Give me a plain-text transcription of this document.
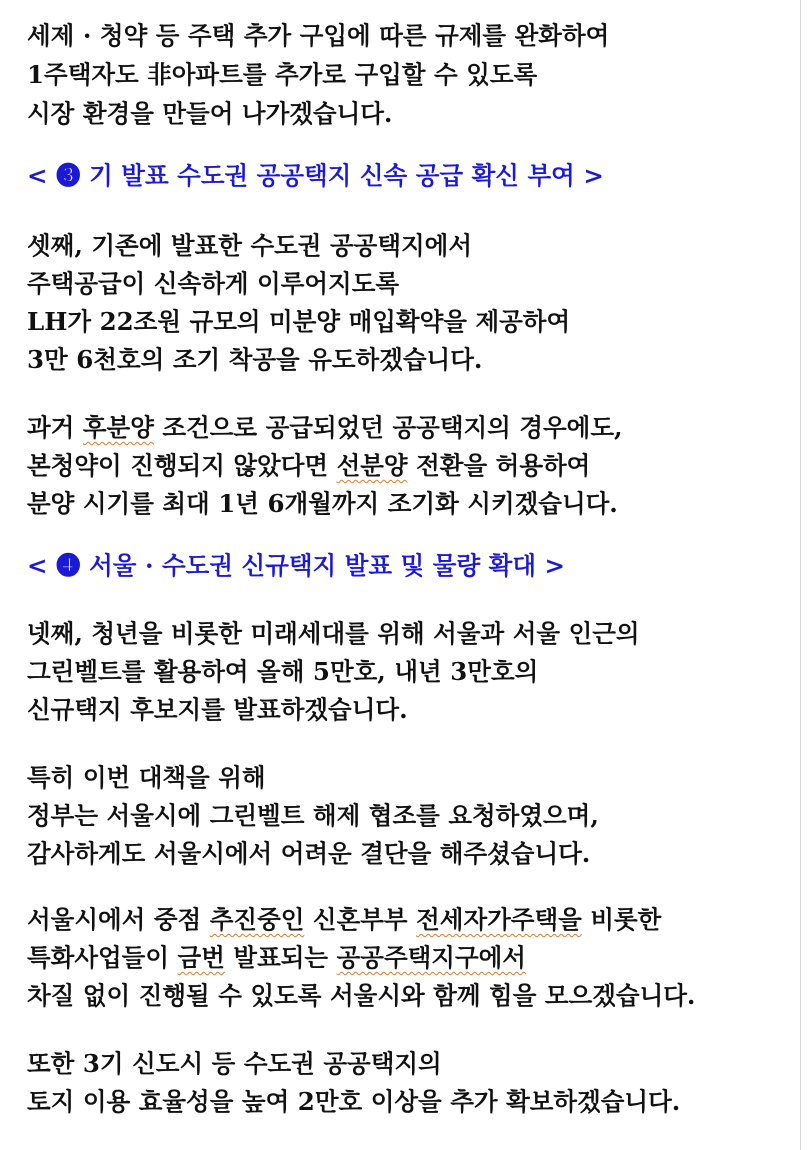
세제 · 청약 등 주택 추가 구입에 따른 규제를 완화하여
1주택자도 非아파트를 추가로 구입할 수 있도록
시장 환경을 만들어 나가겠습니다.
< ❸ 기 발표 수도권 공공택지 신속 공급 확신 부여 >
셋째, 기존에 발표한 수도권 공공택지에서
주택공급이 신속하게 이루어지도록
LH가 22조원 규모의 미분양 매입확약을 제공하여
3만 6천호의 조기 착공을 유도하겠습니다.
과거 후분양 조건으로 공급되었던 공공택지의 경우에도,
본청약이 진행되지 않았다면 선분양 전환을 허용하여
분양 시기를 최대 1년 6개월까지 조기화 시키겠습니다.
< ❹ 서울 · 수도권 신규택지 발표 및 물량 확대 >
넷째, 청년을 비롯한 미래세대를 위해 서울과 서울 인근의
그린벨트를 활용하여 올해 5만호, 내년 3만호의
신규택지 후보지를 발표하겠습니다.
특히 이번 대책을 위해
정부는 서울시에 그린벨트 해제 협조를 요청하였으며,
감사하게도 서울시에서 어려운 결단을 해주셨습니다.
서울시에서 중점 추진중인 신혼부부 전세자가주택을 비롯한
특화사업들이 금번 발표되는 공공주택지구에서
차질 없이 진행될 수 있도록 서울시와 함께 힘을 모으겠습니다.
또한 3기 신도시 등 수도권 공공택지의
토지 이용 효율성을 높여 2만호 이상을 추가 확보하겠습니다.
